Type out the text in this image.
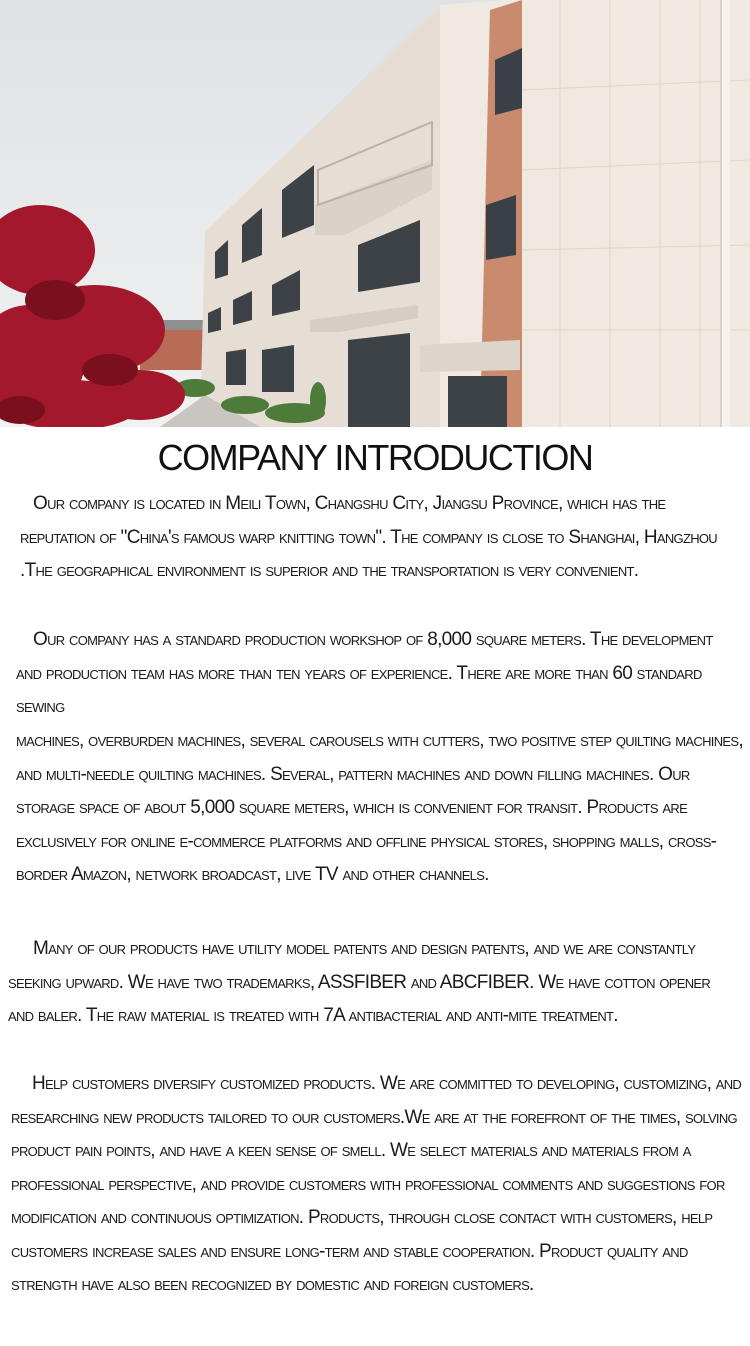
COMPANY INTRODUCTION

Our company is located in Meili Town, Changshu City, Jiangsu Province, which has the reputation of "China's famous warp knitting town". The company is close to Shanghai, Hangzhou .The geographical environment is superior and the transportation is very convenient.

Our company has a standard production workshop of 8,000 square meters. The development and production team has more than ten years of experience. There are more than 60 standard sewing

machines, overburden machines, several carousels with cutters, two positive step quilting machines, and multi-needle quilting machines. Several, pattern machines and down filling machines. Our storage space of about 5,000 square meters, which is convenient for transit. Products are exclusively for online e-commerce platforms and offline physical stores, shopping malls, cross-border Amazon, network broadcast, live TV and other channels.

Many of our products have utility model patents and design patents, and we are constantly seeking upward. We have two trademarks, ASSFIBER and ABCFIBER. We have cotton opener and baler. The raw material is treated with 7A antibacterial and anti-mite treatment.

Help customers diversify customized products. We are committed to developing, customizing, and researching new products tailored to our customers.We are at the forefront of the times, solving product pain points, and have a keen sense of smell. We select materials and materials from a professional perspective, and provide customers with professional comments and suggestions for modification and continuous optimization. Products, through close contact with customers, help customers increase sales and ensure long-term and stable cooperation. Product quality and strength have also been recognized by domestic and foreign customers.
